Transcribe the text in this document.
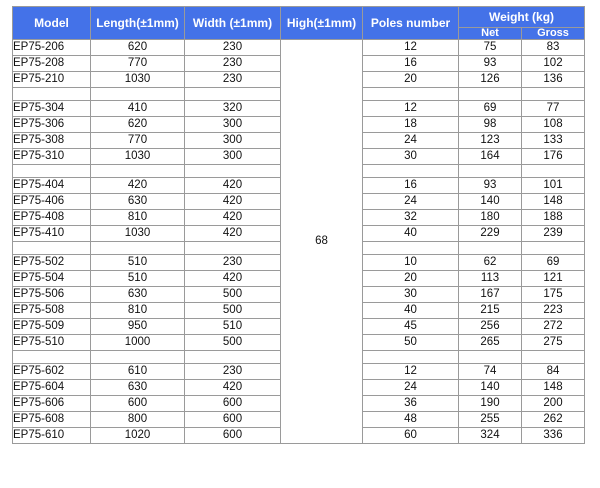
Model	Length(±1mm)	Width (±1mm)	High(±1mm)	Poles number	Weight (kg)	
					Net	Gross
EP75-206	620	230	68	12	75	83
EP75-208	770	230		16	93	102
EP75-210	1030	230		20	126	136

EP75-304	410	320		12	69	77
EP75-306	620	300		18	98	108
EP75-308	770	300		24	123	133
EP75-310	1030	300		30	164	176

EP75-404	420	420		16	93	101
EP75-406	630	420		24	140	148
EP75-408	810	420		32	180	188
EP75-410	1030	420		40	229	239

EP75-502	510	230		10	62	69
EP75-504	510	420		20	113	121
EP75-506	630	500		30	167	175
EP75-508	810	500		40	215	223
EP75-509	950	510		45	256	272
EP75-510	1000	500		50	265	275

EP75-602	610	230		12	74	84
EP75-604	630	420		24	140	148
EP75-606	600	600		36	190	200
EP75-608	800	600		48	255	262
EP75-610	1020	600		60	324	336
